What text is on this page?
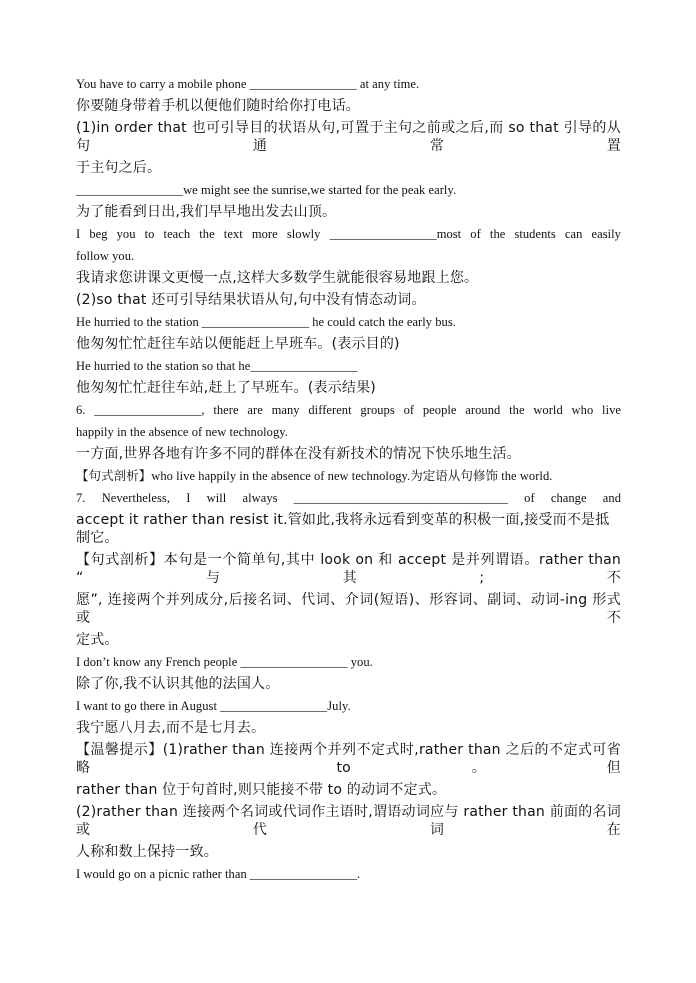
You have to carry a mobile phone _________________ at any time.

你要随身带着手机以便他们随时给你打电话。

(1)in order that 也可引导目的状语从句,可置于主句之前或之后,而 so that 引导的从句通常置

于主句之后。

_________________we might see the sunrise,we started for the peak early.

为了能看到日出,我们早早地出发去山顶。

I beg you to teach the text more slowly _________________most of the students can easily

follow you.

我请求您讲课文更慢一点,这样大多数学生就能很容易地跟上您。

(2)so that 还可引导结果状语从句,句中没有情态动词。

He hurried to the station _________________ he could catch the early bus.

他匆匆忙忙赶往车站以便能赶上早班车。(表示目的)

He hurried to the station so that he_________________

他匆匆忙忙赶往车站,赶上了早班车。(表示结果)

6. _________________, there are many different groups of people around the world who live

happily in the absence of new technology.

一方面,世界各地有许多不同的群体在没有新技术的情况下快乐地生活。

【句式剖析】who live happily in the absence of new technology.为定语从句修饰 the world.

7. Nevertheless, I will always __________________________________ of change and

accept it rather than resist it.管如此,我将永远看到变革的积极一面,接受而不是抵制它。

【句式剖析】本句是一个简单句,其中 look on 和 accept 是并列谓语。rather than “与其;不

愿”, 连接两个并列成分,后接名词、代词、介词(短语)、形容词、副词、动词-ing 形式或不

定式。

I don’t know any French people _________________ you.

除了你,我不认识其他的法国人。

I want to go there in August _________________July.

我宁愿八月去,而不是七月去。

【温馨提示】(1)rather than 连接两个并列不定式时,rather than 之后的不定式可省略 to。但

rather than 位于句首时,则只能接不带 to 的动词不定式。

(2)rather than 连接两个名词或代词作主语时,谓语动词应与 rather than 前面的名词或代词在

人称和数上保持一致。

I would go on a picnic rather than _________________.
